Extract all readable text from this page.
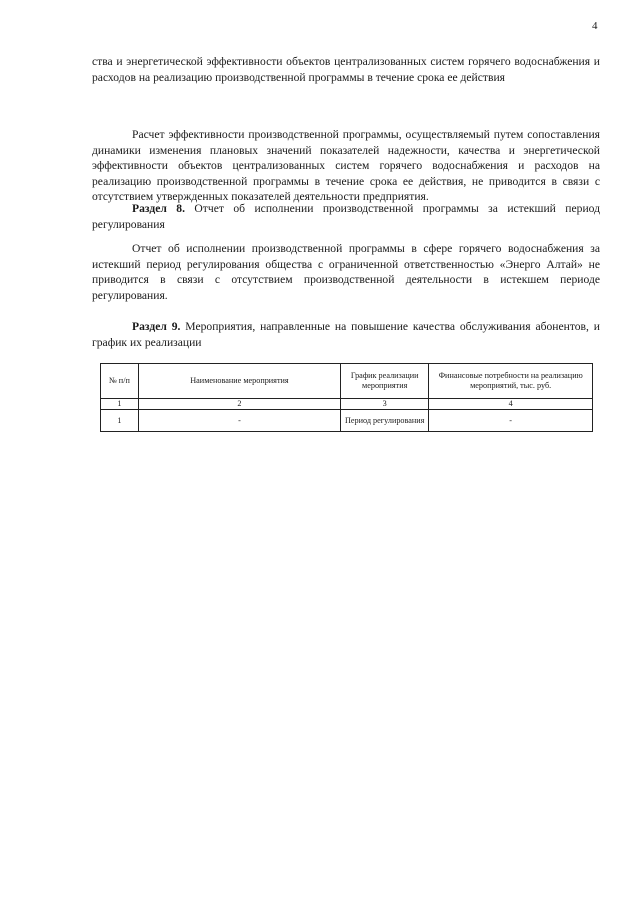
4

ства и энергетической эффективности объектов централизованных систем горячего водоснабжения и расходов на реализацию производственной программы в течение срока ее действия

Расчет эффективности производственной программы, осуществляемый путем сопоставления динамики изменения плановых значений показателей надежности, качества и энергетической эффективности объектов централизованных систем горячего водоснабжения и расходов на реализацию производственной программы в течение срока ее действия, не приводится в связи с отсутствием утвержденных показателей деятельности предприятия.

Раздел 8. Отчет об исполнении производственной программы за истекший период регулирования

Отчет об исполнении производственной программы в сфере горячего водоснабжения за истекший период регулирования общества с ограниченной ответственностью «Энерго Алтай» не приводится в связи с отсутствием производственной деятельности в истекшем периоде регулирования.

Раздел 9. Мероприятия, направленные на повышение качества обслуживания абонентов, и график их реализации

№ п/п	Наименование мероприятия	График реализации мероприятия	Финансовые потребности на реализацию мероприятий, тыс. руб.
1	2	3	4
1	-	Период регулирования	-
